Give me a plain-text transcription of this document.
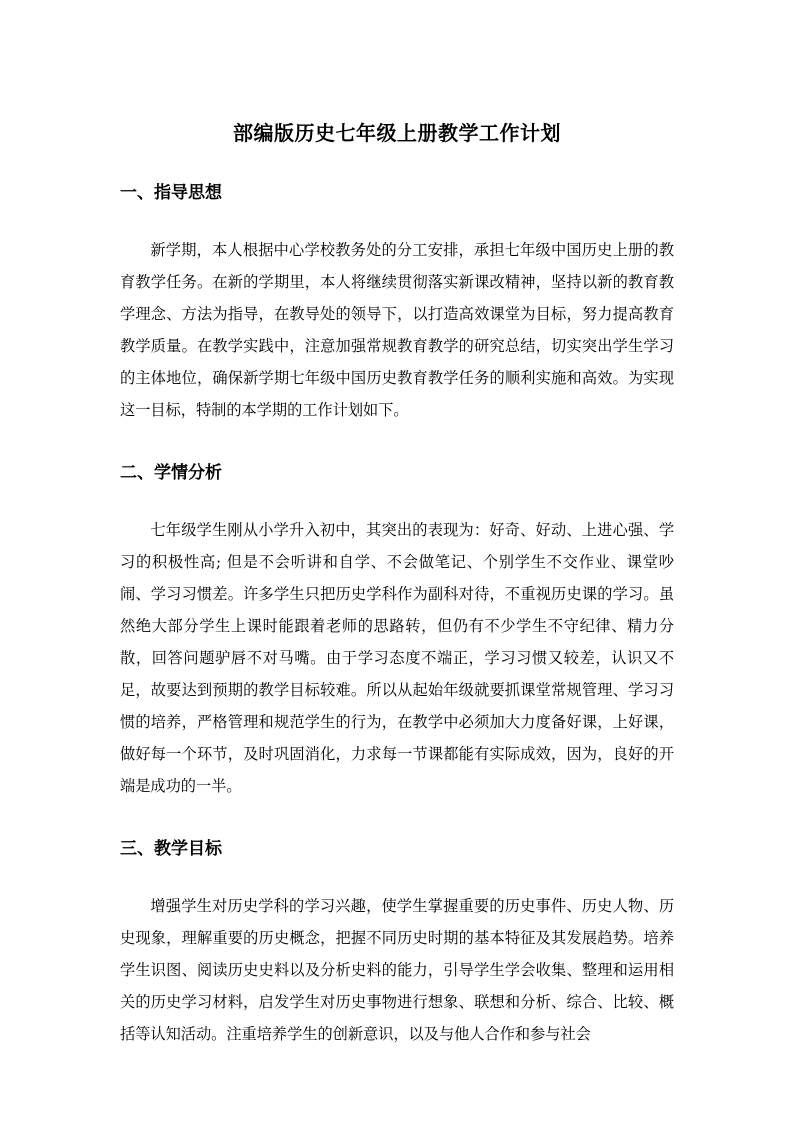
部编版历史七年级上册教学工作计划
一、指导思想

新学期，本人根据中心学校教务处的分工安排，承担七年级中国历史上册的教育教学任务。在新的学期里，本人将继续贯彻落实新课改精神，坚持以新的教育教学理念、方法为指导，在教导处的领导下，以打造高效课堂为目标，努力提高教育教学质量。在教学实践中，注意加强常规教育教学的研究总结，切实突出学生学习的主体地位，确保新学期七年级中国历史教育教学任务的顺利实施和高效。为实现这一目标，特制的本学期的工作计划如下。

二、学情分析

七年级学生刚从小学升入初中，其突出的表现为：好奇、好动、上进心强、学习的积极性高; 但是不会听讲和自学、不会做笔记、个别学生不交作业、课堂吵闹、学习习惯差。许多学生只把历史学科作为副科对待，不重视历史课的学习。虽然绝大部分学生上课时能跟着老师的思路转，但仍有不少学生不守纪律、精力分散，回答问题驴唇不对马嘴。由于学习态度不端正，学习习惯又较差，认识又不足，故要达到预期的教学目标较难。所以从起始年级就要抓课堂常规管理、学习习惯的培养，严格管理和规范学生的行为，在教学中必须加大力度备好课，上好课，做好每一个环节，及时巩固消化，力求每一节课都能有实际成效，因为，良好的开端是成功的一半。

三、教学目标

增强学生对历史学科的学习兴趣，使学生掌握重要的历史事件、历史人物、历史现象，理解重要的历史概念，把握不同历史时期的基本特征及其发展趋势。培养学生识图、阅读历史史料以及分析史料的能力，引导学生学会收集、整理和运用相关的历史学习材料，启发学生对历史事物进行想象、联想和分析、综合、比较、概括等认知活动。注重培养学生的创新意识，以及与他人合作和参与社会
